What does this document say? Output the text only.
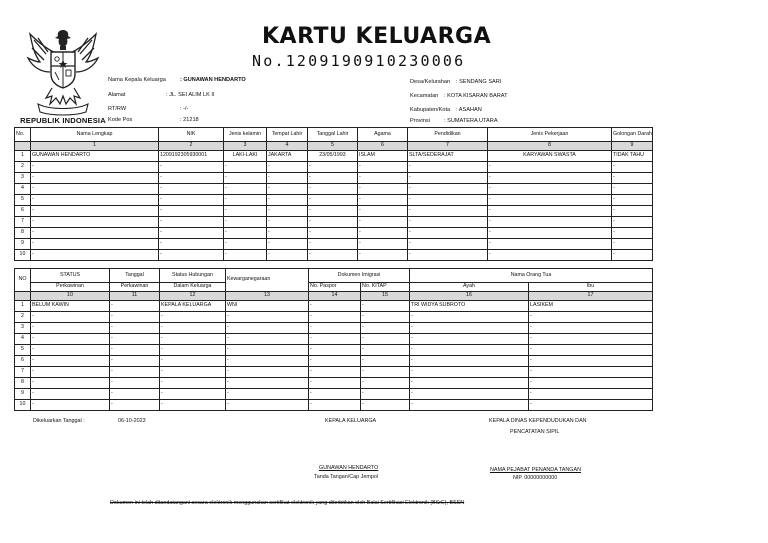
REPUBLIK INDONESIA
KARTU KELUARGA
No.1209190910230006
Nama Kepala Keluarga	: GUNAWAN HENDARTO
Alamat	: JL. SEI ALIM LK II
RT/RW	: -/-
Kode Pos	: 21218
Desa/Kelurahan : SENDANG SARI
Kecamatan : KOTA KISARAN BARAT
Kabupaten/Kota : ASAHAN
Provinsi	: SUMATERA UTARA
No.	Nama Lengkap	NIK	Jenis kelamin	Tempat Lahir	Tanggal Lahir	Agama	Pendidikan	Jenis Pekerjaan	Golongan Darah
	1	2	3	4	5	6	7	8	9
1	GUNAWAN HENDARTO	1209192305930001	LAKI-LAKI	JAKARTA	23/05/1993	ISLAM	SLTA/SEDERAJAT	KARYAWAN SWASTA	TIDAK TAHU
2	-	-	-	-	-	-	-	-	-
3	-	-	-	-	-	-	-	-	-
4	-	-	-	-	-	-	-	-	-
5	-	-	-	-	-	-	-	-	-
6	-	-	-	-	-	-	-	-	-
7	-	-	-	-	-	-	-	-	-
8	-	-	-	-	-	-	-	-	-
9	-	-	-	-	-	-	-	-	-
10	-	-	-	-	-	-	-	-	-
NO	STATUS	Tanggal	Status Hubungan	Kewarganegaraan	Dokumen Imigrasi		Nama Orang Tua	
	Perkawinan	Perkawinan	Dalam Keluarga		No. Paspor	No. KITAP	Ayah	Ibu
	10	11	12	13	14	15	16	17
1	BELUM KAWIN	-	KEPALA KELUARGA	WNI	-	-	TRI WIDYA SUBROTO	LASIKEM
2	-	-	-	-	-	-	-	-
3	-	-	-	-	-	-	-	-
4	-	-	-	-	-	-	-	-
5	-	-	-	-	-	-	-	-
6	-	-	-	-	-	-	-	-
7	-	-	-	-	-	-	-	-
8	-	-	-	-	-	-	-	-
9	-	-	-	-	-	-	-	-
10	-	-	-	-	-	-	-	-
Dikeluarkan Tanggal :	06-10-2023	KEPALA KELUARGA	KEPALA DINAS KEPENDUDUKAN DAN
PENCATATAN SIPIL
GUNAWAN HENDARTO
Tanda Tangan/Cap Jempol
NAMA PEJABAT PENANDA TANGAN
NIP. 00000000000
Dokumen ini telah ditandatangani secara elektronik menggunakan sertifikat elektronik yang diterbitkan oleh Balai Sertifikasi Elektronik (BSrE), BSSN
